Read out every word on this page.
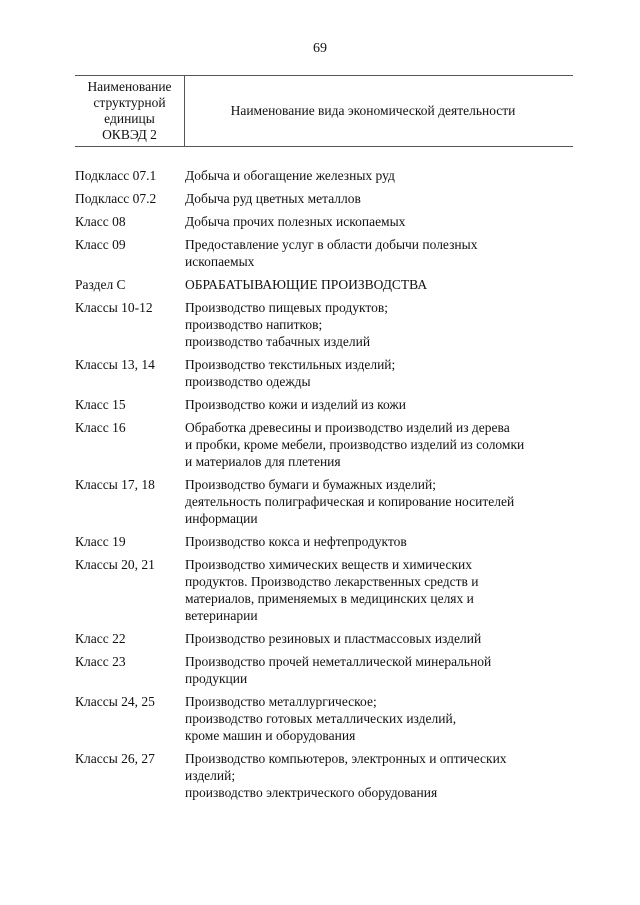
69
Наименование
структурной
единицы
ОКВЭД 2
Наименование вида экономической деятельности
Подкласс 07.1	Добыча и обогащение железных руд
Подкласс 07.2	Добыча руд цветных металлов
Класс 08	Добыча прочих полезных ископаемых
Класс 09	Предоставление услуг в области добычи полезных
ископаемых
Раздел С	ОБРАБАТЫВАЮЩИЕ ПРОИЗВОДСТВА
Классы 10-12	Производство пищевых продуктов;
производство напитков;
производство табачных изделий
Классы 13, 14	Производство текстильных изделий;
производство одежды
Класс 15	Производство кожи и изделий из кожи
Класс 16	Обработка древесины и производство изделий из дерева
и пробки, кроме мебели, производство изделий из соломки
и материалов для плетения
Классы 17, 18	Производство бумаги и бумажных изделий;
деятельность полиграфическая и копирование носителей
информации
Класс 19	Производство кокса и нефтепродуктов
Классы 20, 21	Производство химических веществ и химических
продуктов. Производство лекарственных средств и
материалов, применяемых в медицинских целях и
ветеринарии
Класс 22	Производство резиновых и пластмассовых изделий
Класс 23	Производство прочей неметаллической минеральной
продукции
Классы 24, 25	Производство металлургическое;
производство готовых металлических изделий,
кроме машин и оборудования
Классы 26, 27	Производство компьютеров, электронных и оптических
изделий;
производство электрического оборудования
